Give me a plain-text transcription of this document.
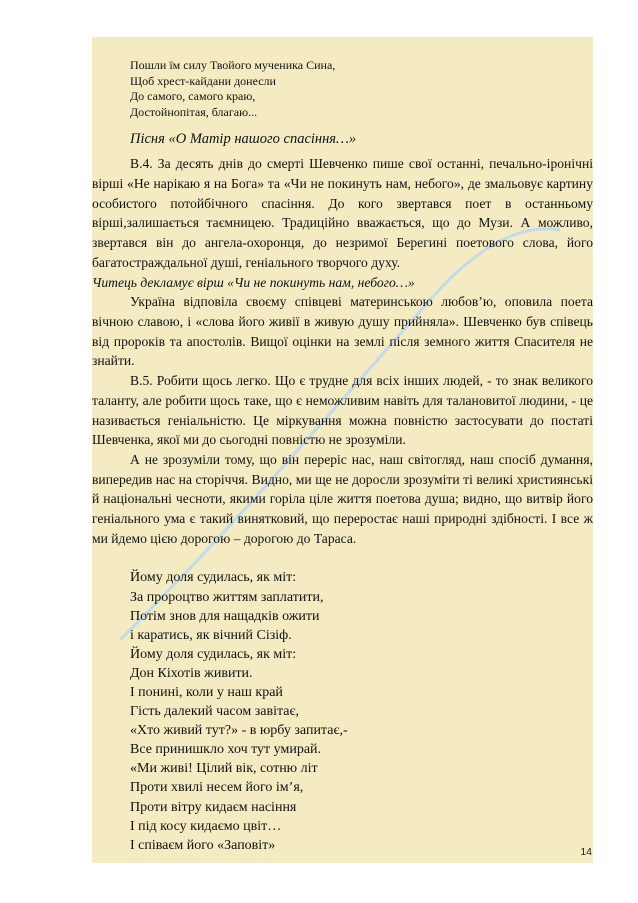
Пошли їм силу Твойого мученика Сина,

Щоб хрест-кайдани донесли

До самого, самого краю,

Достойнопітая, благаю...

Пісня «О Матір нашого спасіння…»

В.4. За десять днів до смерті Шевченко пише свої останні, печально-іронічні вірші «Не нарікаю я на Бога» та «Чи не покинуть нам, небого», де змальовує картину особистого потойбічного спасіння. До кого звертався поет в останньому вірші,залишається таємницею. Традиційно вважається, що до Музи. А можливо, звертався він до ангела-охоронця, до незримої Берегині поетового слова, його багатостраждальної душі, геніального творчого духу.

Читець декламує вірш «Чи не покинуть нам, небого…»

Україна відповіла своєму співцеві материнською любов’ю, оповила поета вічною славою, і «слова його живії в живую душу прийняла». Шевченко був співець від пророків та апостолів. Вищої оцінки на землі після земного життя Спасителя не знайти.

В.5. Робити щось легко. Що є трудне для всіх інших людей, - то знак великого таланту, але робити щось таке, що є неможливим навіть для талановитої людини, - це називається геніальністю. Це міркування можна повністю застосувати до постаті Шевченка, якої ми до сьогодні повністю не зрозуміли.

А не зрозуміли тому, що він переріс нас, наш світогляд, наш спосіб думання, випередив нас на сторіччя. Видно, ми ще не доросли зрозуміти ті великі християнські й національні чесноти, якими горіла ціле життя поетова душа; видно, що витвір його геніального ума є такий винятковий, що переростає наші природні здібності. І все ж ми йдемо цією дорогою – дорогою до Тараса.

Йому доля судилась, як міт:

За пророцтво життям заплатити,

Потім знов для нащадків ожити

і каратись, як вічний Сізіф.

Йому доля судилась, як міт:

Дон Кіхотів живити.

І понині, коли у наш край

Гість далекий часом завітає,

«Хто живий тут?» - в юрбу запитає,-

Все принишкло хоч тут умирай.

«Ми живі! Цілий вік, сотню літ

Проти хвилі несем його ім’я,

Проти вітру кидаєм насіння

І під косу кидаємо цвіт…

І співаєм його «Заповіт»	14
